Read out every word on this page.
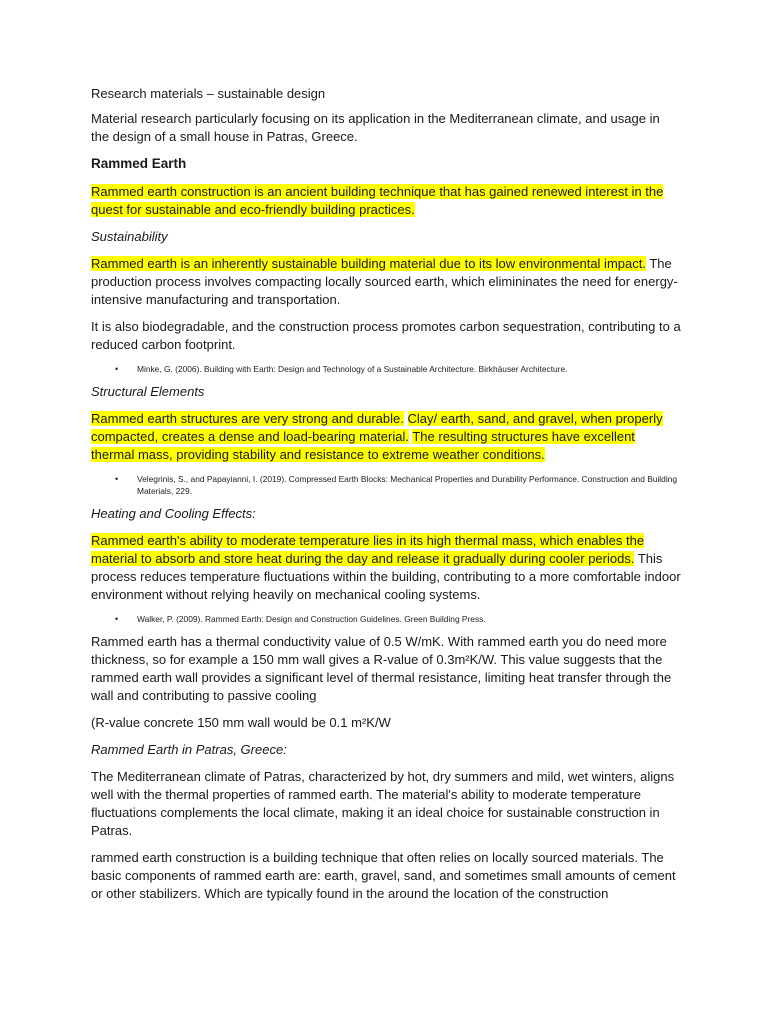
Research materials – sustainable design

Material research particularly focusing on its application in the Mediterranean climate, and usage in the design of a small house in Patras, Greece.

Rammed Earth

Rammed earth construction is an ancient building technique that has gained renewed interest in the quest for sustainable and eco-friendly building practices.

Sustainability

Rammed earth is an inherently sustainable building material due to its low environmental impact. The production process involves compacting locally sourced earth, which elimininates the need for energy-intensive manufacturing and transportation.

It is also biodegradable, and the construction process promotes carbon sequestration, contributing to a reduced carbon footprint.

• Minke, G. (2006). Building with Earth: Design and Technology of a Sustainable Architecture. Birkhäuser Architecture.

Structural Elements

Rammed earth structures are very strong and durable. Clay/ earth, sand, and gravel, when properly compacted, creates a dense and load-bearing material. The resulting structures have excellent thermal mass, providing stability and resistance to extreme weather conditions.

• Velegrinis, S., and Papayianni, I. (2019). Compressed Earth Blocks: Mechanical Properties and Durability Performance. Construction and Building Materials, 229.

Heating and Cooling Effects:

Rammed earth's ability to moderate temperature lies in its high thermal mass, which enables the material to absorb and store heat during the day and release it gradually during cooler periods. This process reduces temperature fluctuations within the building, contributing to a more comfortable indoor environment without relying heavily on mechanical cooling systems.

• Walker, P. (2009). Rammed Earth: Design and Construction Guidelines. Green Building Press.

Rammed earth has a thermal conductivity value of 0.5 W/mK. With rammed earth you do need more thickness, so for example a 150 mm wall gives a R-value of 0.3m²K/W. This value suggests that the rammed earth wall provides a significant level of thermal resistance, limiting heat transfer through the wall and contributing to passive cooling

(R-value concrete 150 mm wall would be 0.1 m²K/W

Rammed Earth in Patras, Greece:

The Mediterranean climate of Patras, characterized by hot, dry summers and mild, wet winters, aligns well with the thermal properties of rammed earth. The material's ability to moderate temperature fluctuations complements the local climate, making it an ideal choice for sustainable construction in Patras.

rammed earth construction is a building technique that often relies on locally sourced materials. The basic components of rammed earth are: earth, gravel, sand, and sometimes small amounts of cement or other stabilizers. Which are typically found in the around the location of the construction
